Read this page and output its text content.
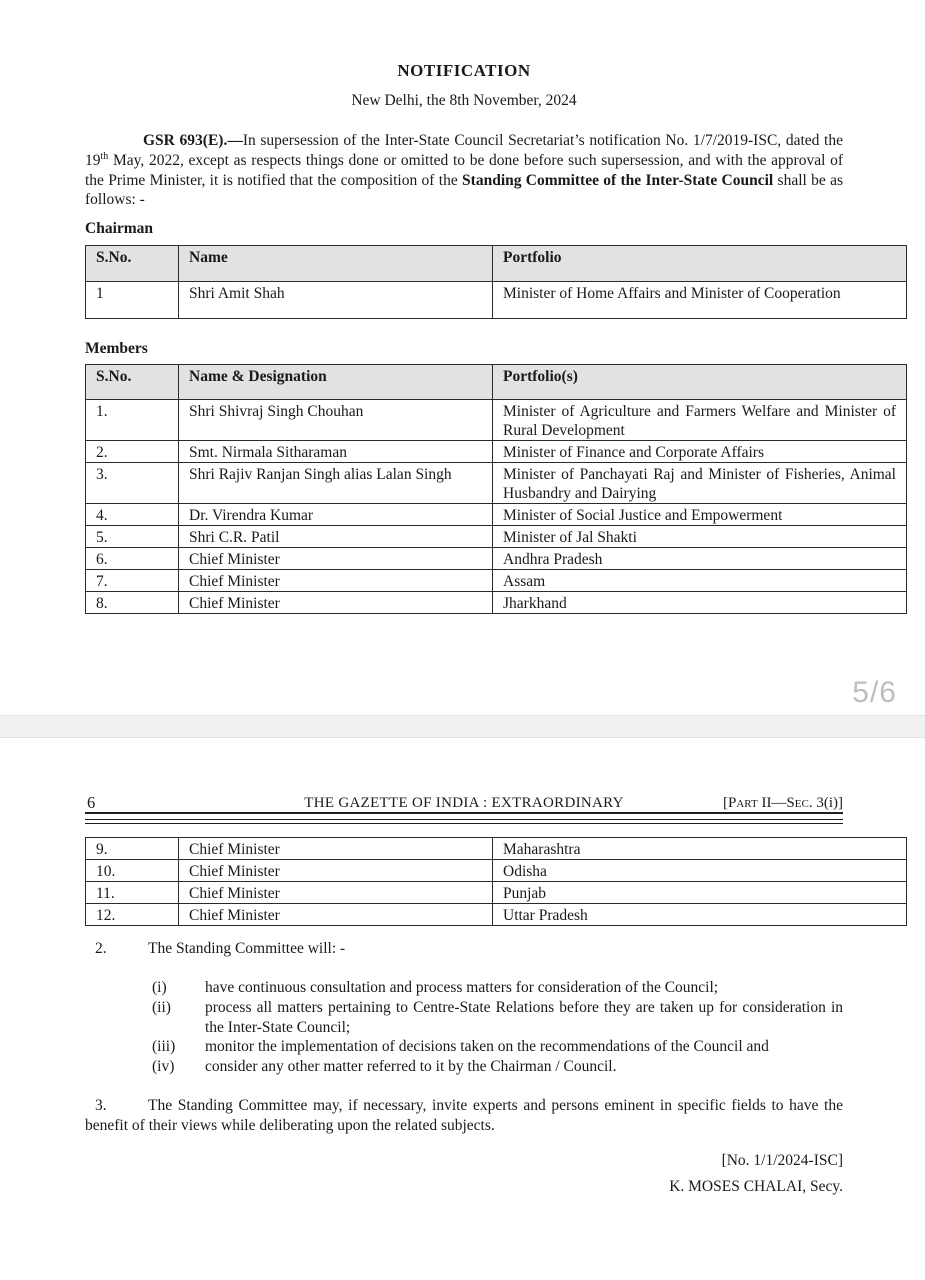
NOTIFICATION
New Delhi, the 8th November, 2024
GSR 693(E).—In supersession of the Inter-State Council Secretariat’s notification No. 1/7/2019-ISC, dated the 19th May, 2022, except as respects things done or omitted to be done before such supersession, and with the approval of the Prime Minister, it is notified that the composition of the Standing Committee of the Inter-State Council shall be as follows: -
Chairman
S.No.	Name	Portfolio
1	Shri Amit Shah	Minister of Home Affairs and Minister of Cooperation
Members
S.No.	Name & Designation	Portfolio(s)
1.	Shri Shivraj Singh Chouhan	Minister of Agriculture and Farmers Welfare and Minister of Rural Development
2.	Smt. Nirmala Sitharaman	Minister of Finance and Corporate Affairs
3.	Shri Rajiv Ranjan Singh alias Lalan Singh	Minister of Panchayati Raj and Minister of Fisheries, Animal Husbandry and Dairying
4.	Dr. Virendra Kumar	Minister of Social Justice and Empowerment
5.	Shri C.R. Patil	Minister of Jal Shakti
6.	Chief Minister	Andhra Pradesh
7.	Chief Minister	Assam
8.	Chief Minister	Jharkhand
5/6
6	THE GAZETTE OF INDIA : EXTRAORDINARY	[Part II—Sec. 3(i)]
9.	Chief Minister	Maharashtra
10.	Chief Minister	Odisha
11.	Chief Minister	Punjab
12.	Chief Minister	Uttar Pradesh
2.	The Standing Committee will: -
(i)	have continuous consultation and process matters for consideration of the Council;
(ii)	process all matters pertaining to Centre-State Relations before they are taken up for consideration in the Inter-State Council;
(iii)	monitor the implementation of decisions taken on the recommendations of the Council and
(iv)	consider any other matter referred to it by the Chairman / Council.
3.	The Standing Committee may, if necessary, invite experts and persons eminent in specific fields to have the benefit of their views while deliberating upon the related subjects.
[No. 1/1/2024-ISC]
K. MOSES CHALAI, Secy.
